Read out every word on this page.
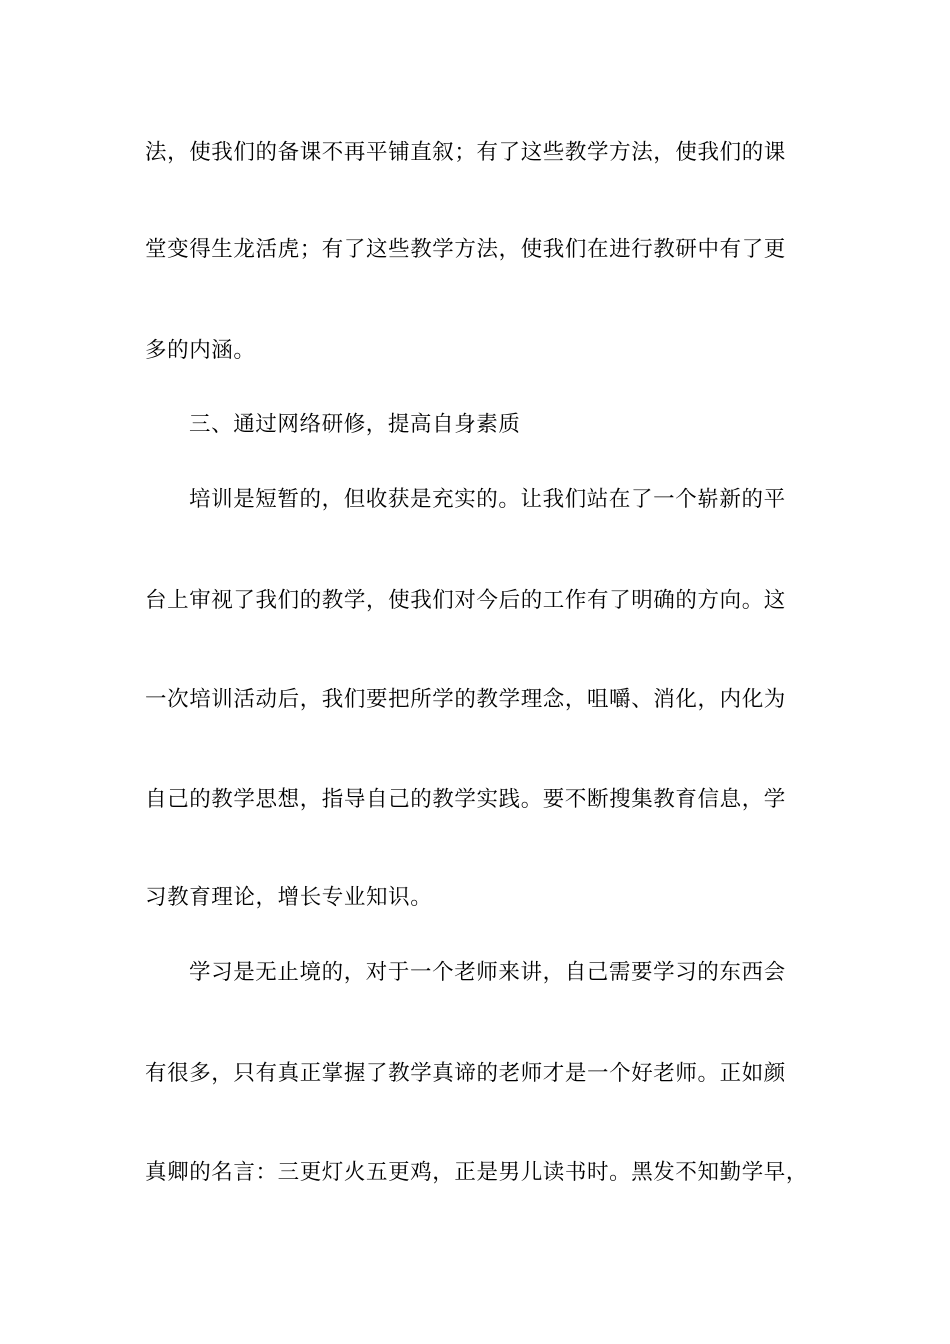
法，使我们的备课不再平铺直叙；有了这些教学方法，使我们的课
堂变得生龙活虎；有了这些教学方法，使我们在进行教研中有了更
多的内涵。
三、通过网络研修，提高自身素质
培训是短暂的，但收获是充实的。让我们站在了一个崭新的平
台上审视了我们的教学，使我们对今后的工作有了明确的方向。这
一次培训活动后，我们要把所学的教学理念，咀嚼、消化，内化为
自己的教学思想，指导自己的教学实践。要不断搜集教育信息，学
习教育理论，增长专业知识。
学习是无止境的，对于一个老师来讲，自己需要学习的东西会
有很多，只有真正掌握了教学真谛的老师才是一个好老师。正如颜
真卿的名言：三更灯火五更鸡，正是男儿读书时。黑发不知勤学早，
